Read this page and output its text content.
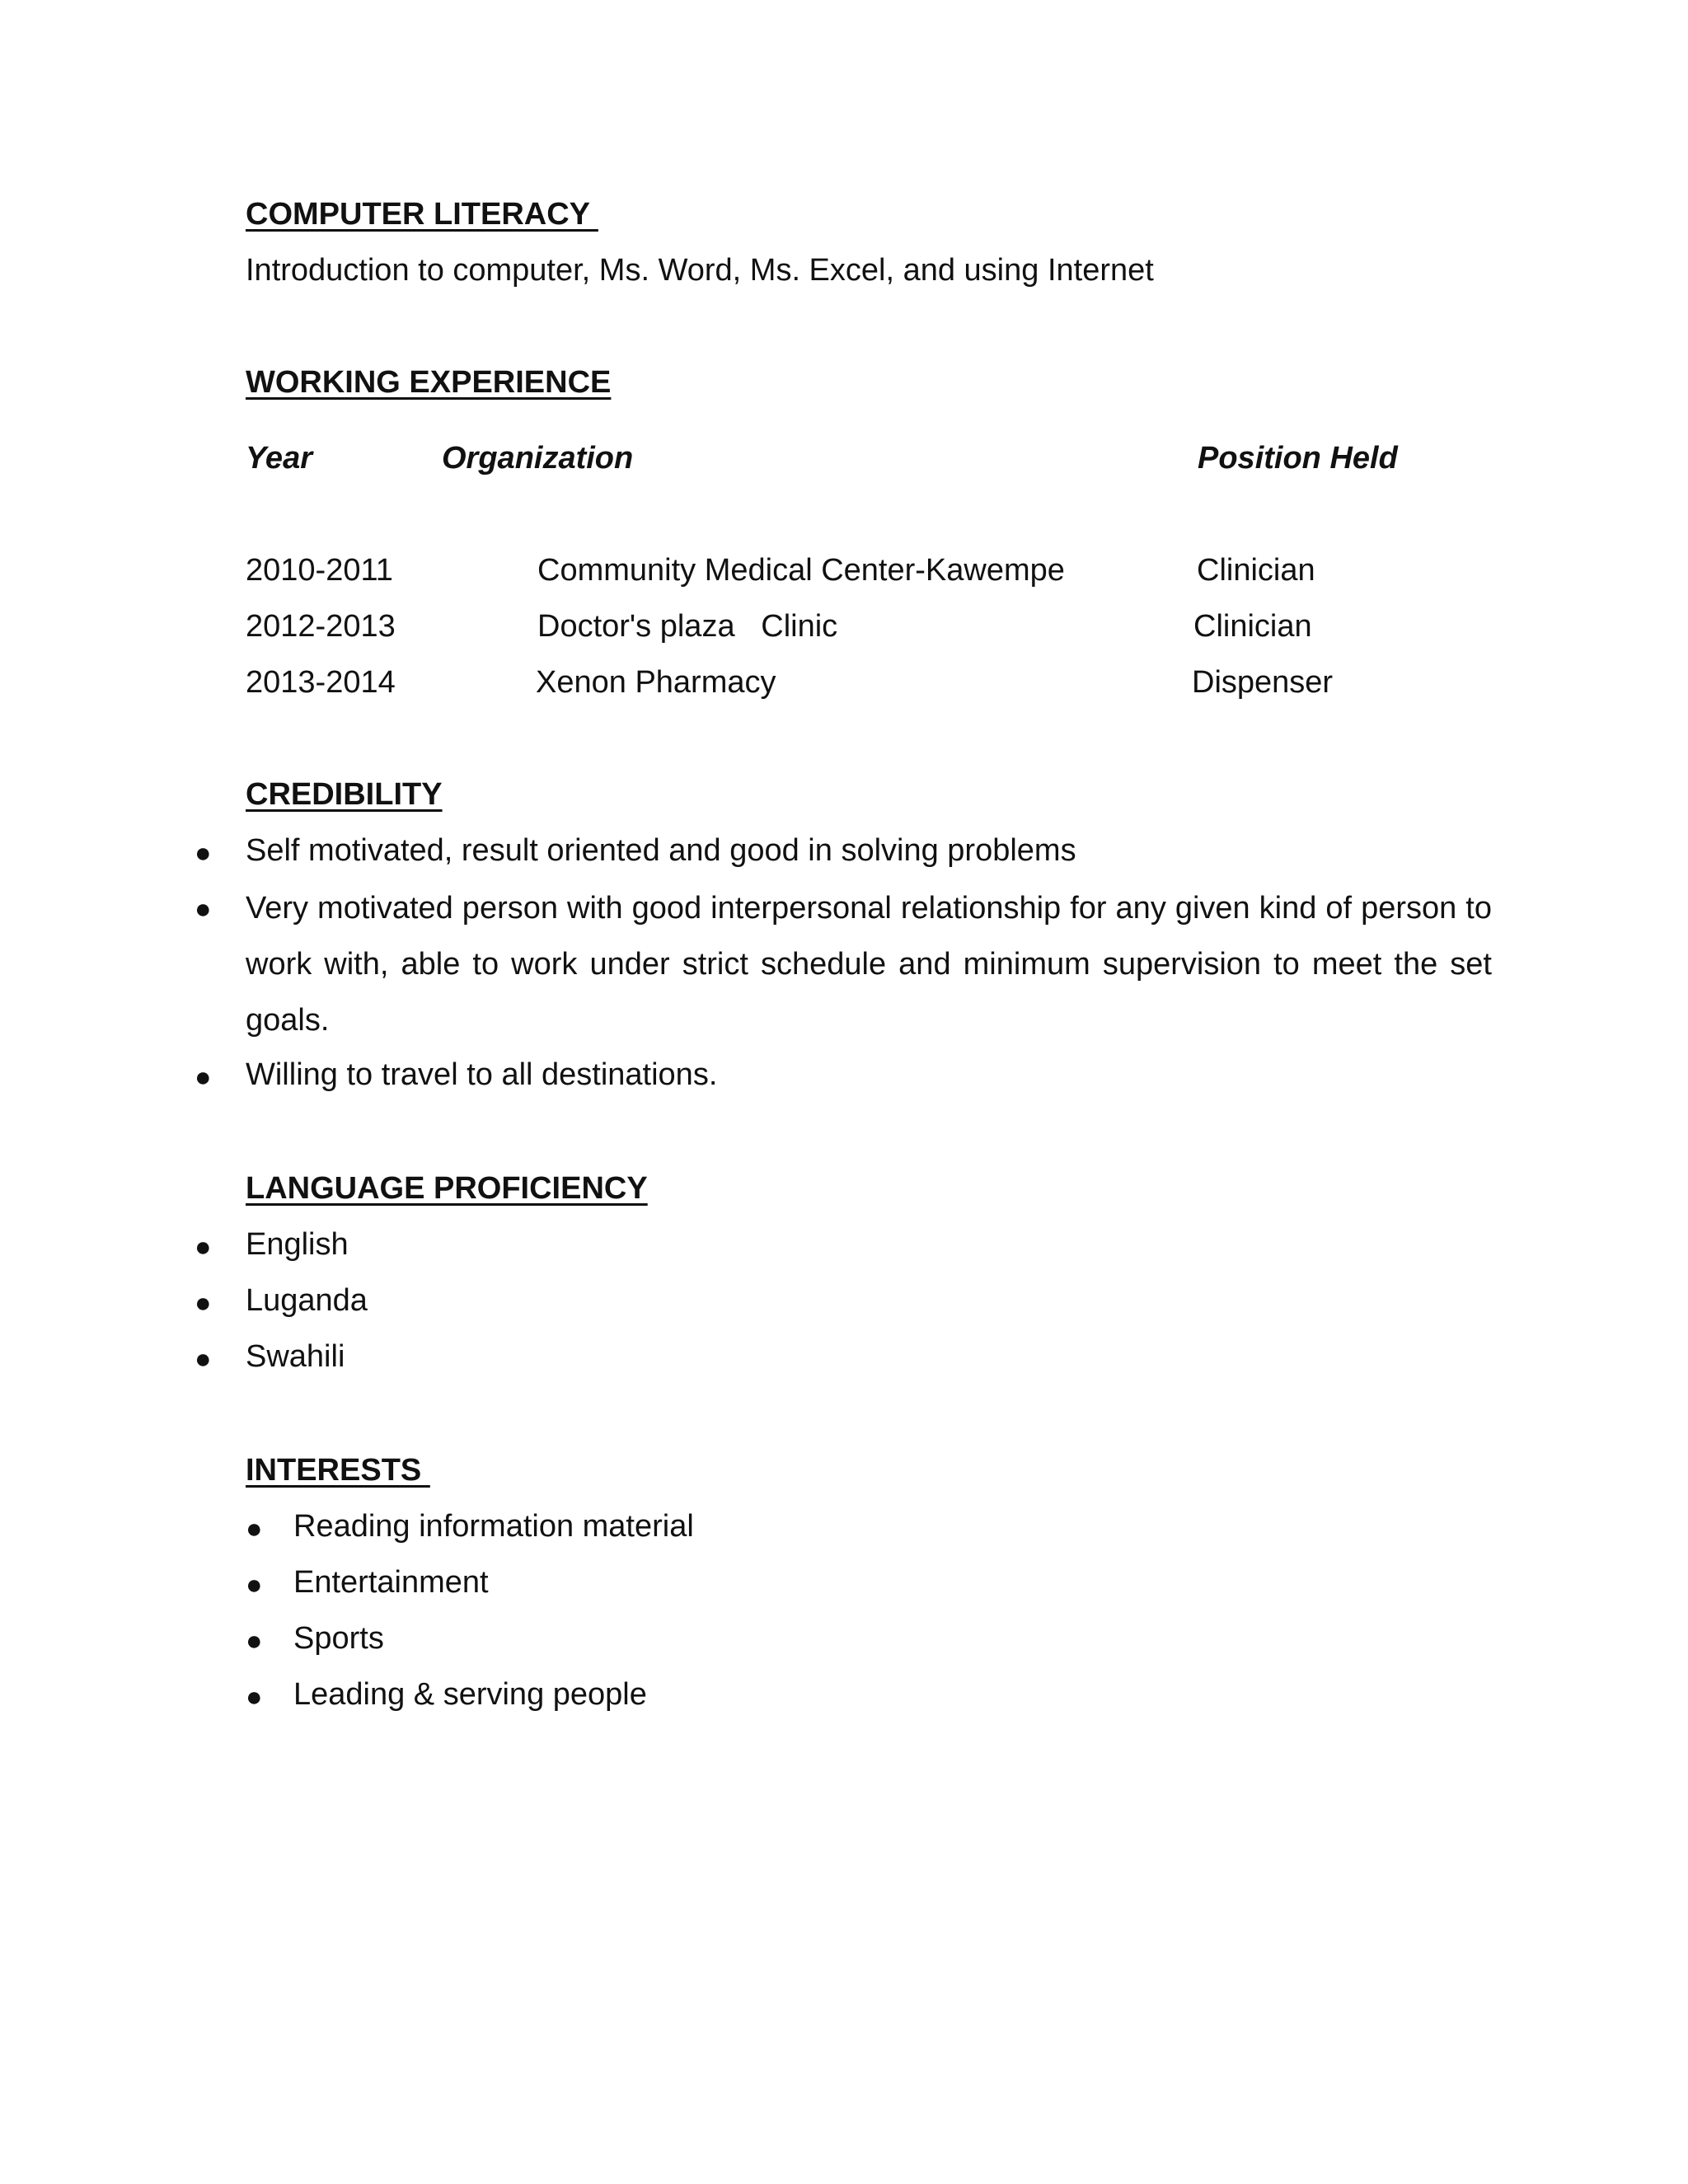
COMPUTER LITERACY

Introduction to computer, Ms. Word, Ms. Excel, and using Internet

WORKING EXPERIENCE

Year	Organization	Position Held

2010-2011	Community Medical Center-Kawempe	Clinician

2012-2013	Doctor's plaza   Clinic	Clinician

2013-2014	Xenon Pharmacy	Dispenser

CREDIBILITY
● Self motivated, result oriented and good in solving problems

● Very motivated person with good interpersonal relationship for any given kind of person to work with, able to work under strict schedule and minimum supervision to meet the set goals.

● Willing to travel to all destinations.

LANGUAGE PROFICIENCY
● English

● Luganda

● Swahili

INTERESTS
● Reading information material

● Entertainment

● Sports

● Leading & serving people
